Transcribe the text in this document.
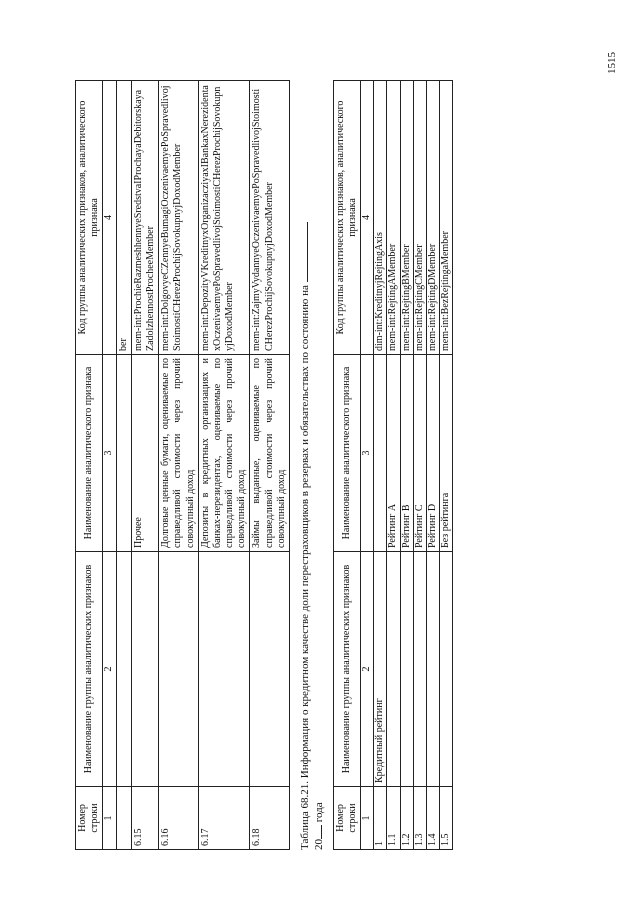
1515
Номер строки	Наименование группы аналитических признаков	Наименование аналитического признака	Код группы аналитических признаков, аналитического признака
1	2	3	4
			ber
6.15		Прочее	mem-int:ProchieRazmeshhennyeSredstvaIProchayaDebitorskayaZadolzhennostProcheeMember
6.16		Долговые ценные бумаги, оцениваемые по справедливой стоимости через прочий совокупный доход	mem-int:DolgovyeCZennyeBumagiOczenivaemyePoSpravedlivojStoimostiCHerezProchijSovokupnyjDoxodMember
6.17		Депозиты в кредитных организациях и банках-нерезидентах, оцениваемые по справедливой стоимости через прочий совокупный доход	mem-int:DepozityVKreditnyxOrganizacziyaxIBankaxNerezidentaxOczenivaemyePoSpravedlivojStoimostiCHerezProchijSovokupnyjDoxodMember
6.18		Займы выданные, оцениваемые по справедливой стоимости через прочий совокупный доход	mem-int:ZajmyVydannyeOczenivaemyePoSpravedlivojStoimostiCHerezProchijSovokupnyjDoxodMember
Таблица 68.21. Информация о кредитном качестве доли перестраховщиков в резервах и обязательствах по состоянию на 20 года Номер строки	Наименование группы аналитических признаков	Наименование аналитического признака	Код группы аналитических признаков, аналитического признака
1	2	3	4
1	Кредитный рейтинг		dim-int:KreditnyjRejtingAxis
1.1		Рейтинг A	mem-int:RejtingAMember
1.2		Рейтинг B	mem-int:RejtingBMember
1.3		Рейтинг C	mem-int:RejtingCMember
1.4		Рейтинг D	mem-int:RejtingDMember
1.5		Без рейтинга	mem-int:BezRejtingaMember
